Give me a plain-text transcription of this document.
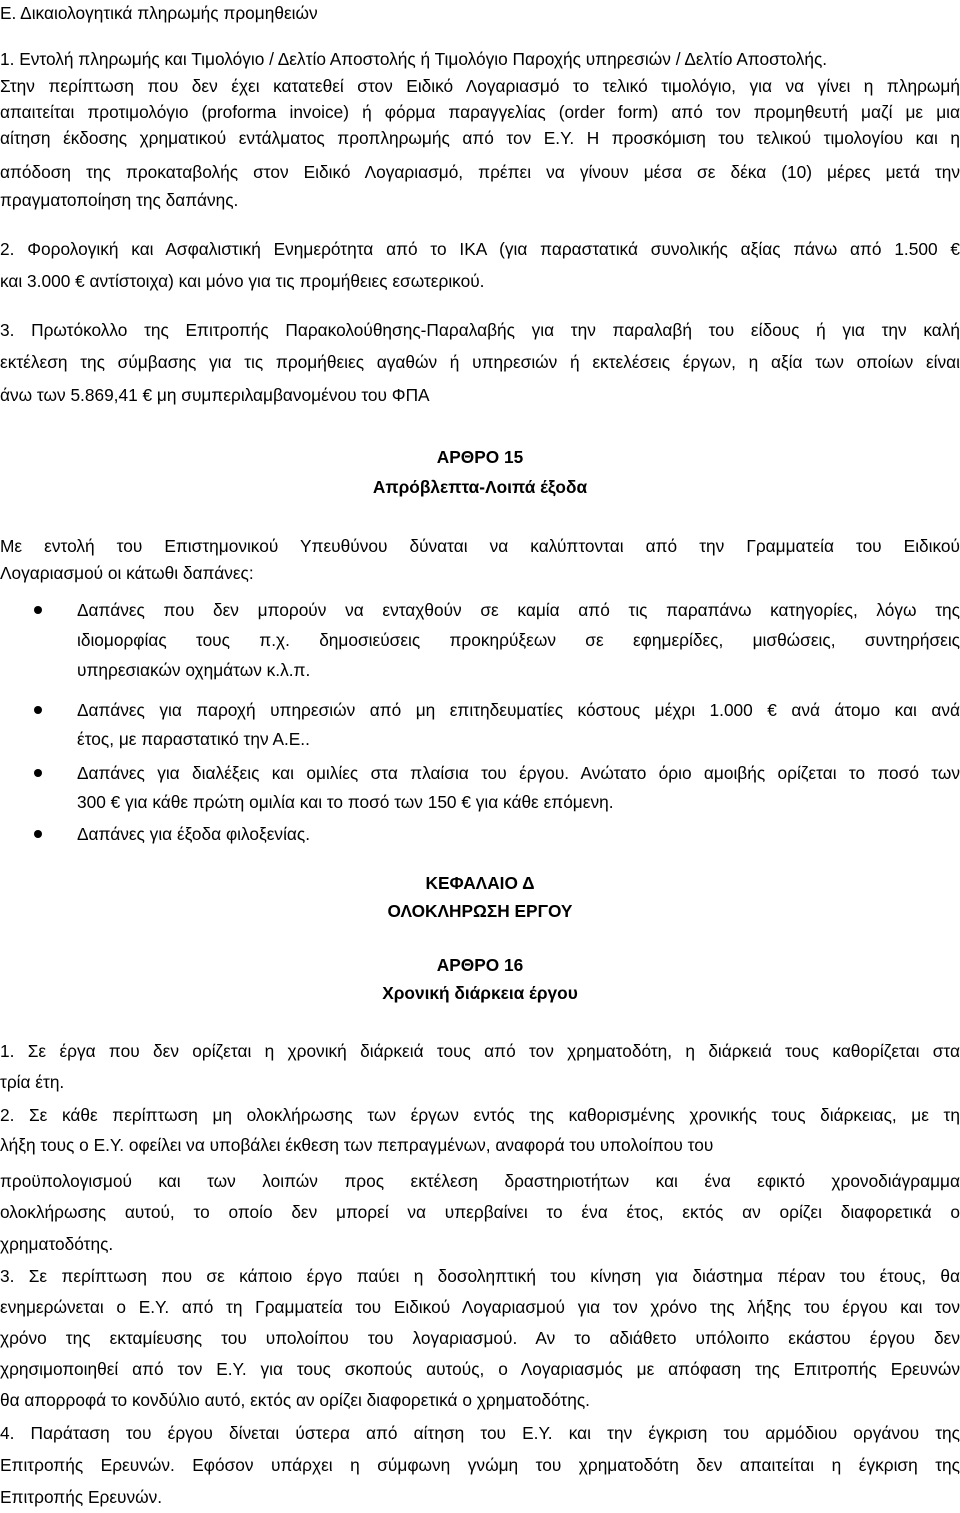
Ε. Δικαιολογητικά πληρωμής προμηθειών
1. Εντολή πληρωμής και Τιμολόγιο / Δελτίο Αποστολής ή Τιμολόγιο Παροχής υπηρεσιών / Δελτίο Αποστολής.
Στην περίπτωση που δεν έχει κατατεθεί στον Ειδικό Λογαριασμό το τελικό τιμολόγιο, για να γίνει η πληρωμή
απαιτείται προτιμολόγιο (proforma invoice) ή φόρμα παραγγελίας (order form) από τον προμηθευτή μαζί με μια
αίτηση έκδοσης χρηματικού εντάλματος προπληρωμής από τον Ε.Υ. Η προσκόμιση του τελικού τιμολογίου και η
απόδοση της προκαταβολής στον Ειδικό Λογαριασμό, πρέπει να γίνουν μέσα σε δέκα (10) μέρες μετά την
πραγματοποίηση της δαπάνης.
2. Φορολογική και Ασφαλιστική Ενημερότητα από το ΙΚΑ (για παραστατικά συνολικής αξίας πάνω από 1.500 €
και 3.000 € αντίστοιχα) και μόνο για τις προμήθειες εσωτερικού.
3. Πρωτόκολλο της Επιτροπής Παρακολούθησης-Παραλαβής για την παραλαβή του είδους ή για την καλή
εκτέλεση της σύμβασης για τις προμήθειες αγαθών ή υπηρεσιών ή εκτελέσεις έργων, η αξία των οποίων είναι
άνω των 5.869,41 € μη συμπεριλαμβανομένου του ΦΠΑ
ΑΡΘΡΟ 15
Απρόβλεπτα-Λοιπά έξοδα
Με εντολή του Επιστημονικού Υπευθύνου δύναται να καλύπτονται από την Γραμματεία του Ειδικού
Λογαριασμού οι κάτωθι δαπάνες:
Δαπάνες που δεν μπορούν να ενταχθούν σε καμία από τις παραπάνω κατηγορίες, λόγω της
ιδιομορφίας τους π.χ. δημοσιεύσεις προκηρύξεων σε εφημερίδες, μισθώσεις, συντηρήσεις
υπηρεσιακών οχημάτων κ.λ.π.
Δαπάνες για παροχή υπηρεσιών από μη επιτηδευματίες κόστους μέχρι 1.000 € ανά άτομο και ανά
έτος, με παραστατικό την Α.Ε..
Δαπάνες για διαλέξεις και ομιλίες στα πλαίσια του έργου. Ανώτατο όριο αμοιβής ορίζεται το ποσό των
300 € για κάθε πρώτη ομιλία και το ποσό των 150 € για κάθε επόμενη.
Δαπάνες για έξοδα φιλοξενίας.
ΚΕΦΑΛΑΙΟ Δ
ΟΛΟΚΛΗΡΩΣΗ ΕΡΓΟΥ
ΑΡΘΡΟ 16
Χρονική διάρκεια έργου
1. Σε έργα που δεν ορίζεται η χρονική διάρκειά τους από τον χρηματοδότη, η διάρκειά τους καθορίζεται στα
τρία έτη.
2. Σε κάθε περίπτωση μη ολοκλήρωσης των έργων εντός της καθορισμένης χρονικής τους διάρκειας, με τη
λήξη τους ο Ε.Υ. οφείλει να υποβάλει έκθεση των πεπραγμένων, αναφορά του υπολοίπου του
προϋπολογισμού και των λοιπών προς εκτέλεση δραστηριοτήτων και ένα εφικτό χρονοδιάγραμμα
ολοκλήρωσης αυτού, το οποίο δεν μπορεί να υπερβαίνει το ένα έτος, εκτός αν ορίζει διαφορετικά ο
χρηματοδότης.
3. Σε περίπτωση που σε κάποιο έργο παύει η δοσοληπτική του κίνηση για διάστημα πέραν του έτους, θα
ενημερώνεται ο Ε.Υ. από τη Γραμματεία του Ειδικού Λογαριασμού για τον χρόνο της λήξης του έργου και τον
χρόνο της εκταμίευσης του υπολοίπου του λογαριασμού. Αν το αδιάθετο υπόλοιπο εκάστου έργου δεν
χρησιμοποιηθεί από τον Ε.Υ. για τους σκοπούς αυτούς, ο Λογαριασμός με απόφαση της Επιτροπής Ερευνών
θα απορροφά το κονδύλιο αυτό, εκτός αν ορίζει διαφορετικά ο χρηματοδότης.
4. Παράταση του έργου δίνεται ύστερα από αίτηση του Ε.Υ. και την έγκριση του αρμόδιου οργάνου της
Επιτροπής Ερευνών. Εφόσον υπάρχει η σύμφωνη γνώμη του χρηματοδότη δεν απαιτείται η έγκριση της
Επιτροπής Ερευνών.
